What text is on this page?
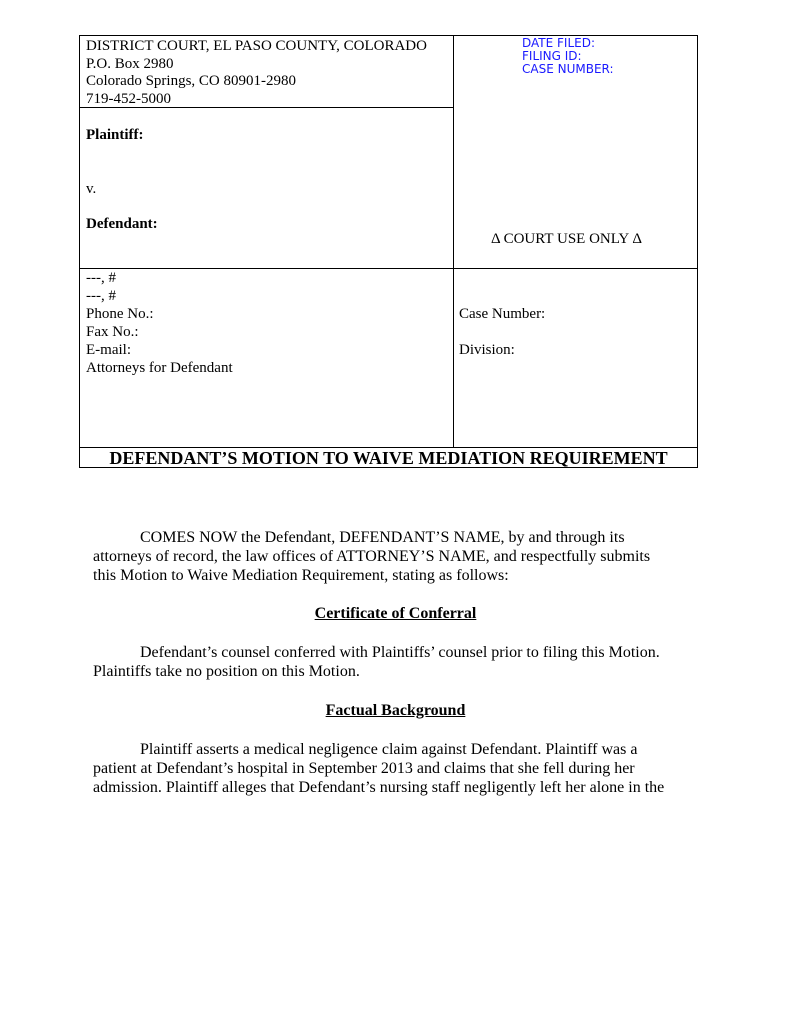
DISTRICT COURT, EL PASO COUNTY, COLORADO
P.O. Box 2980
Colorado Springs, CO 80901-2980
719-452-5000
Plaintiff:
v.
Defendant:
DATE FILED:
FILING ID:
CASE NUMBER:
Δ COURT USE ONLY Δ
---, #
---, #
Phone No.:
Fax No.:
E-mail:
Attorneys for Defendant
Case Number:
Division:
DEFENDANT’S MOTION TO WAIVE MEDIATION REQUIREMENT
COMES NOW the Defendant, DEFENDANT’S NAME, by and through its
attorneys of record, the law offices of ATTORNEY’S NAME, and respectfully submits
this Motion to Waive Mediation Requirement, stating as follows:
Certificate of Conferral
Defendant’s counsel conferred with Plaintiffs’ counsel prior to filing this Motion.
Plaintiffs take no position on this Motion.
Factual Background
Plaintiff asserts a medical negligence claim against Defendant. Plaintiff was a
patient at Defendant’s hospital in September 2013 and claims that she fell during her
admission. Plaintiff alleges that Defendant’s nursing staff negligently left her alone in the
